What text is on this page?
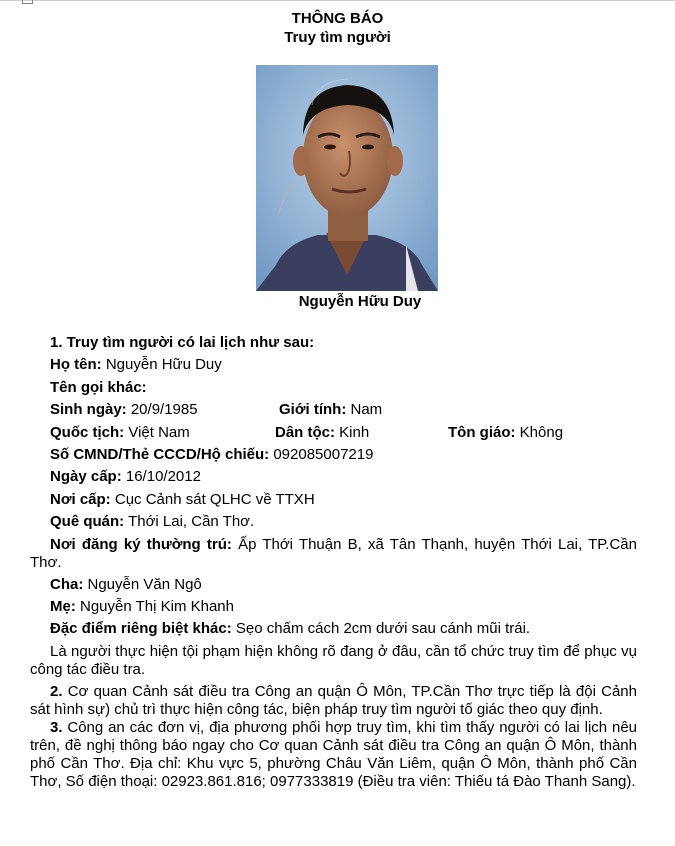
THÔNG BÁO
Truy tìm người
Nguyễn Hữu Duy
1. Truy tìm người có lai lịch như sau:
Họ tên: Nguyễn Hữu Duy
Tên gọi khác:
Sinh ngày: 20/9/1985	Giới tính: Nam
Quốc tịch: Việt Nam	Dân tộc: Kinh	Tôn giáo: Không
Số CMND/Thẻ CCCD/Hộ chiếu: 092085007219
Ngày cấp: 16/10/2012
Nơi cấp: Cục Cảnh sát QLHC về TTXH
Quê quán: Thới Lai, Cần Thơ.

Nơi đăng ký thường trú: Ấp Thới Thuận B, xã Tân Thạnh, huyện Thới Lai, TP.Cần Thơ.

Cha: Nguyễn Văn Ngô
Mẹ: Nguyễn Thị Kim Khanh
Đặc điểm riêng biệt khác: Sẹo chấm cách 2cm dưới sau cánh mũi trái.

Là người thực hiện tội phạm hiện không rõ đang ở đâu, cần tổ chức truy tìm để phục vụ công tác điều tra.

2. Cơ quan Cảnh sát điều tra Công an quận Ô Môn, TP.Cần Thơ trực tiếp là đội Cảnh sát hình sự) chủ trì thực hiện công tác, biện pháp truy tìm người tố giác theo quy định.

3. Công an các đơn vị, địa phương phối hợp truy tìm, khi tìm thấy người có lai lịch nêu trên, đề nghị thông báo ngay cho Cơ quan Cảnh sát điều tra Công an quận Ô Môn, thành phố Cần Thơ. Địa chỉ: Khu vực 5, phường Châu Văn Liêm, quận Ô Môn, thành phố Cần Thơ, Số điện thoại: 02923.861.816; 0977333819 (Điều tra viên: Thiếu tá Đào Thanh Sang).
